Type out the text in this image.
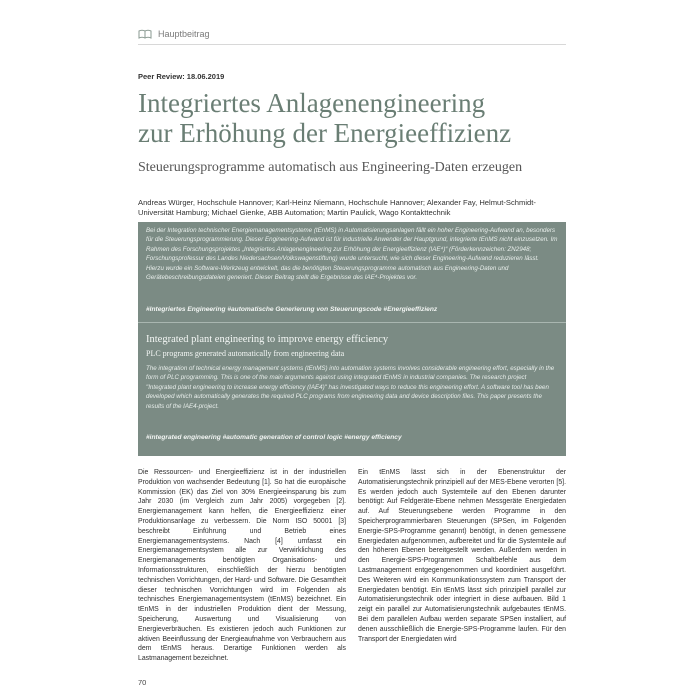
Hauptbeitrag
Peer Review: 18.06.2019
Integriertes Anlagenengineering
zur Erhöhung der Energieeffizienz
Steuerungsprogramme automatisch aus Engineering-Daten erzeugen
Andreas Würger, Hochschule Hannover; Karl-Heinz Niemann, Hochschule Hannover; Alexander Fay, Helmut-Schmidt-Universität Hamburg; Michael Gienke, ABB Automation; Martin Paulick, Wago Kontakttechnik
Bei der Integration technischer Energiemanagementsysteme (tEnMS) in Automatisierungsanlagen fällt ein hoher Engineering-Aufwand an, besonders für die Steuerungsprogrammierung. Dieser Engineering-Aufwand ist für industrielle Anwender der Hauptgrund, integrierte tEnMS nicht einzusetzen. Im Rahmen des Forschungsprojektes „Integriertes Anlagenengineering zur Erhöhung der Energieeffizienz (IAE⁴)“ (Förderkennzeichen: ZN2948; Forschungsprofessur des Landes Niedersachsen/Volkswagenstiftung) wurde untersucht, wie sich dieser Engineering-Aufwand reduzieren lässt. Hierzu wurde ein Software-Werkzeug entwickelt, das die benötigten Steuerungsprogramme automatisch aus Engineering-Daten und Gerätebeschreibungsdateien generiert. Dieser Beitrag stellt die Ergebnisse des IAE⁴-Projektes vor.
#Integriertes Engineering #automatische Generierung von Steuerungscode #Energieeffizienz
Integrated plant engineering to improve energy efficiency
PLC programs generated automatically from engineering data
The integration of technical energy management systems (tEnMS) into automation systems involves considerable engineering effort, especially in the form of PLC programming. This is one of the main arguments against using integrated tEnMS in industrial companies. The research project "Integrated plant engineering to increase energy efficiency (IAE4)" has investigated ways to reduce this engineering effort. A software tool has been developed which automatically generates the required PLC programs from engineering data and device description files. This paper presents the results of the IAE4-project.
#integrated engineering #automatic generation of control logic #energy efficiency

Die Ressourcen- und Energieeffizienz ist in der industriellen Produktion von wachsender Bedeutung [1]. So hat die europäische Kommission (EK) das Ziel von 30% Energieeinsparung bis zum Jahr 2030 (im Vergleich zum Jahr 2005) vorgegeben [2]. Energiemanagement kann helfen, die Energieeffizienz einer Produktionsanlage zu verbessern. Die Norm ISO 50001 [3] beschreibt Einführung und Betrieb eines Energiemanagementsystems. Nach [4] umfasst ein Energiemanagementsystem alle zur Verwirklichung des Energiemanagements benötigten Organisations- und Informationsstrukturen, einschließlich der hierzu benötigten technischen Vorrichtungen, der Hard- und Software. Die Gesamtheit dieser technischen Vorrichtungen wird im Folgenden als technisches Energiemanagementsystem (tEnMS) bezeichnet. Ein tEnMS in der industriellen Produktion dient der Messung, Speicherung, Auswertung und Visualisierung von Energieverbräuchen. Es existieren jedoch auch Funktionen zur aktiven Beeinflussung der Energieaufnahme von Verbrauchern aus dem tEnMS heraus. Derartige Funktionen werden als Lastmanagement bezeichnet.

Ein tEnMS lässt sich in der Ebenenstruktur der Automatisierungstechnik prinzipiell auf der MES-Ebene verorten [5]. Es werden jedoch auch Systemteile auf den Ebenen darunter benötigt: Auf Feldgeräte-Ebene nehmen Messgeräte Energiedaten auf. Auf Steuerungsebene werden Programme in den Speicherprogrammierbaren Steuerungen (SPSen, im Folgenden Energie-SPS-Programme genannt) benötigt, in denen gemessene Energiedaten aufgenommen, aufbereitet und für die Systemteile auf den höheren Ebenen bereitgestellt werden. Außerdem werden in den Energie-SPS-Programmen Schaltbefehle aus dem Lastmanagement entgegengenommen und koordiniert ausgeführt. Des Weiteren wird ein Kommunikationssystem zum Transport der Energiedaten benötigt. Ein tEnMS lässt sich prinzipiell parallel zur Automatisierungstechnik oder integriert in diese aufbauen. Bild 1 zeigt ein parallel zur Automatisierungstechnik aufgebautes tEnMS. Bei dem parallelen Aufbau werden separate SPSen installiert, auf denen ausschließlich die Energie-SPS-Programme laufen. Für den Transport der Energiedaten wird

70
